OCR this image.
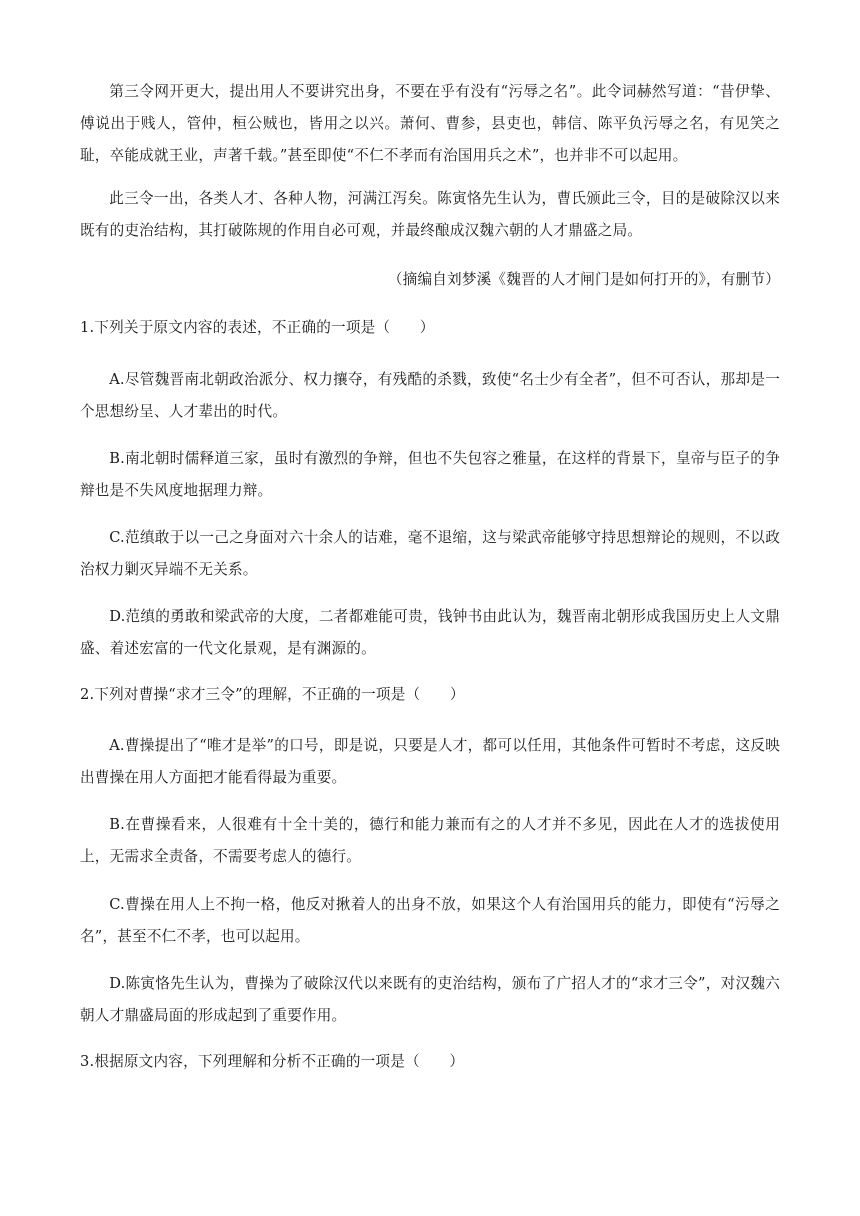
第三令网开更大，提出用人不要讲究出身，不要在乎有没有“污辱之名”。此令词赫然写道：“昔伊挚、傅说出于贱人，管仲，桓公贼也，皆用之以兴。萧何、曹参，县吏也，韩信、陈平负污辱之名，有见笑之耻，卒能成就王业，声著千载。”甚至即使“不仁不孝而有治国用兵之术”，也并非不可以起用。

此三令一出，各类人才、各种人物，河满江泻矣。陈寅恪先生认为，曹氏颁此三令，目的是破除汉以来既有的吏治结构，其打破陈规的作用自必可观，并最终酿成汉魏六朝的人才鼎盛之局。

（摘编自刘梦溪《魏晋的人才闸门是如何打开的》，有删节）

1.下列关于原文内容的表述，不正确的一项是（　　）

A.尽管魏晋南北朝政治派分、权力攘夺，有残酷的杀戮，致使“名士少有全者”，但不可否认，那却是一个思想纷呈、人才辈出的时代。

B.南北朝时儒释道三家，虽时有激烈的争辩，但也不失包容之雅量，在这样的背景下，皇帝与臣子的争辩也是不失风度地据理力辩。

C.范缜敢于以一己之身面对六十余人的诘难，毫不退缩，这与梁武帝能够守持思想辩论的规则，不以政治权力剿灭异端不无关系。

D.范缜的勇敢和梁武帝的大度，二者都难能可贵，钱钟书由此认为，魏晋南北朝形成我国历史上人文鼎盛、着述宏富的一代文化景观，是有渊源的。

2.下列对曹操“求才三令”的理解，不正确的一项是（　　）

A.曹操提出了“唯才是举”的口号，即是说，只要是人才，都可以任用，其他条件可暂时不考虑，这反映出曹操在用人方面把才能看得最为重要。

B.在曹操看来，人很难有十全十美的，德行和能力兼而有之的人才并不多见，因此在人才的选拔使用上，无需求全责备，不需要考虑人的德行。

C.曹操在用人上不拘一格，他反对揪着人的出身不放，如果这个人有治国用兵的能力，即使有“污辱之名”，甚至不仁不孝，也可以起用。

D.陈寅恪先生认为，曹操为了破除汉代以来既有的吏治结构，颁布了广招人才的“求才三令”，对汉魏六朝人才鼎盛局面的形成起到了重要作用。

3.根据原文内容，下列理解和分析不正确的一项是（　　）
